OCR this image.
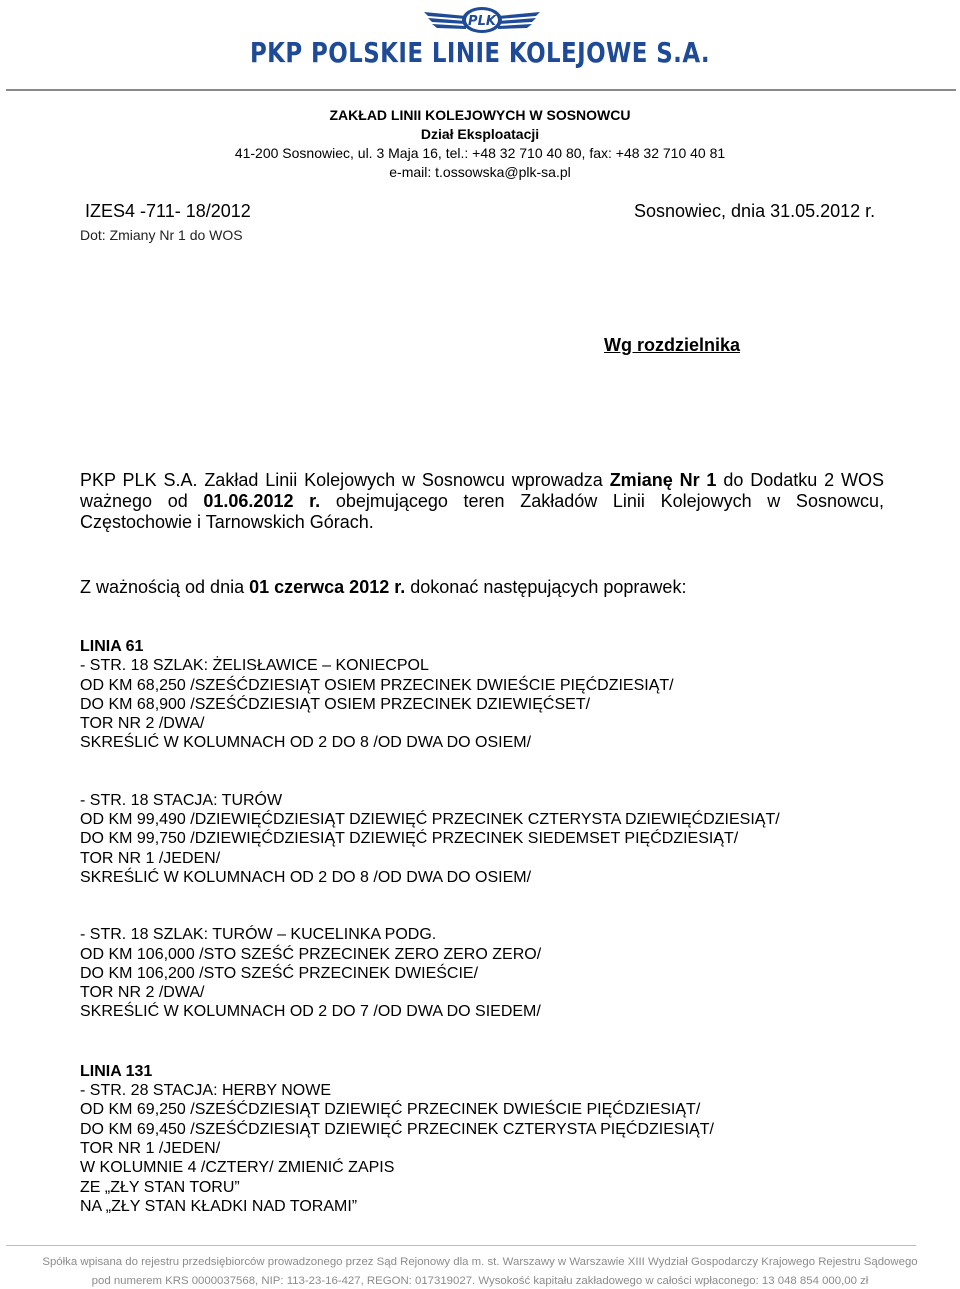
PLK
PKP POLSKIE LINIE KOLEJOWE S.A.
ZAKŁAD LINII KOLEJOWYCH W SOSNOWCU
Dział Eksploatacji
41-200 Sosnowiec, ul. 3 Maja 16, tel.: +48 32 710 40 80, fax: +48 32 710 40 81
e-mail: t.ossowska@plk-sa.pl
IZES4 -711- 18/2012	Sosnowiec, dnia 31.05.2012 r.
Dot: Zmiany Nr 1 do WOS
Wg rozdzielnika
PKP PLK S.A. Zakład Linii Kolejowych w Sosnowcu wprowadza Zmianę Nr 1 do Dodatku 2 WOS ważnego od 01.06.2012 r. obejmującego teren Zakładów Linii Kolejowych w Sosnowcu, Częstochowie i Tarnowskich Górach.
Z ważnością od dnia 01 czerwca 2012 r. dokonać następujących poprawek:
LINIA 61
- STR. 18 SZLAK: ŻELISŁAWICE – KONIECPOL
OD KM 68,250 /SZEŚĆDZIESIĄT OSIEM PRZECINEK DWIEŚCIE PIĘĆDZIESIĄT/
DO KM 68,900 /SZEŚĆDZIESIĄT OSIEM PRZECINEK DZIEWIĘĆSET/
TOR NR 2 /DWA/
SKREŚLIĆ W KOLUMNACH OD 2 DO 8 /OD DWA DO OSIEM/
- STR. 18 STACJA: TURÓW
OD KM 99,490 /DZIEWIĘĆDZIESIĄT DZIEWIĘĆ PRZECINEK CZTERYSTA DZIEWIĘĆDZIESIĄT/
DO KM 99,750 /DZIEWIĘĆDZIESIĄT DZIEWIĘĆ PRZECINEK SIEDEMSET PIĘĆDZIESIĄT/
TOR NR 1 /JEDEN/
SKREŚLIĆ W KOLUMNACH OD 2 DO 8 /OD DWA DO OSIEM/
- STR. 18 SZLAK: TURÓW – KUCELINKA PODG.
OD KM 106,000 /STO SZEŚĆ PRZECINEK ZERO ZERO ZERO/
DO KM 106,200 /STO SZEŚĆ PRZECINEK DWIEŚCIE/
TOR NR 2 /DWA/
SKREŚLIĆ W KOLUMNACH OD 2 DO 7 /OD DWA DO SIEDEM/
LINIA 131
- STR. 28 STACJA: HERBY NOWE
OD KM 69,250 /SZEŚĆDZIESIĄT DZIEWIĘĆ PRZECINEK DWIEŚCIE PIĘĆDZIESIĄT/
DO KM 69,450 /SZEŚĆDZIESIĄT DZIEWIĘĆ PRZECINEK CZTERYSTA PIĘĆDZIESIĄT/
TOR NR 1 /JEDEN/
W KOLUMNIE 4 /CZTERY/ ZMIENIĆ ZAPIS
ZE „ZŁY STAN TORU”
NA „ZŁY STAN KŁADKI NAD TORAMI”
Spółka wpisana do rejestru przedsiębiorców prowadzonego przez Sąd Rejonowy dla m. st. Warszawy w Warszawie XIII Wydział Gospodarczy Krajowego Rejestru Sądowego
pod numerem KRS 0000037568, NIP: 113-23-16-427, REGON: 017319027. Wysokość kapitału zakładowego w całości wpłaconego: 13 048 854 000,00 zł
